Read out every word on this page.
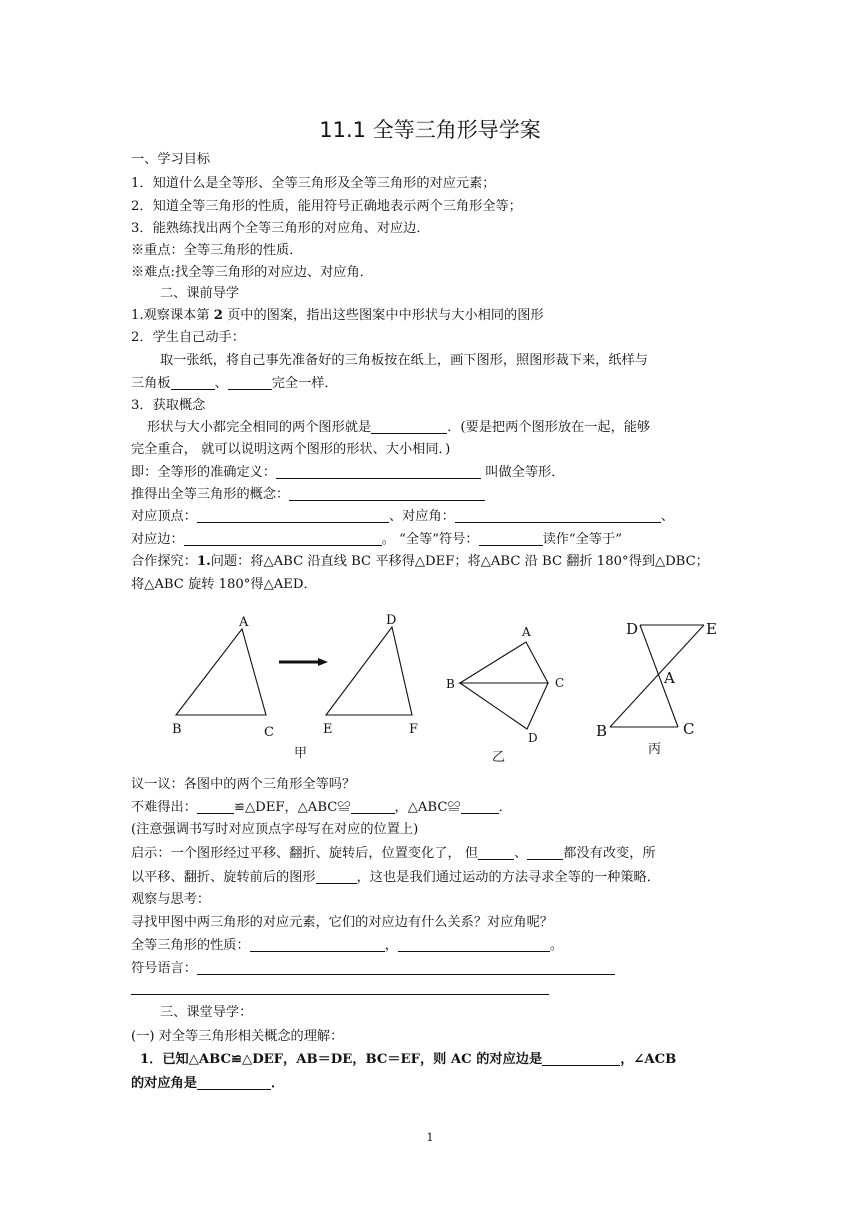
11.1 全等三角形导学案
一、学习目标
1．知道什么是全等形、全等三角形及全等三角形的对应元素；
2．知道全等三角形的性质，能用符号正确地表示两个三角形全等；
3．能熟练找出两个全等三角形的对应角、对应边．
※重点：全等三角形的性质．
※难点:找全等三角形的对应边、对应角．
二、课前导学
1.观察课本第 2 页中的图案，指出这些图案中中形状与大小相同的图形
2．学生自己动手：
取一张纸，将自己事先准备好的三角板按在纸上，画下图形，照图形裁下来，纸样与
三角板	、	完全一样．
3．获取概念
形状与大小都完全相同的两个图形就是	．(要是把两个图形放在一起，能够
完全重合， 就可以说明这两个图形的形状、大小相同．)
即：全等形的准确定义：	叫做全等形．
推得出全等三角形的概念：
对应顶点：	、对应角：	、
对应边：	。 “全等”符号：	读作“全等于”
合作探究：1.问题：将△ABC 沿直线 BC 平移得△DEF；将△ABC 沿 BC 翻折 180°得到△DBC；
将△ABC 旋转 180°得△AED．
A
B	C
D
E	F
A
B	C
D
D	E
A
B	C
甲	乙
丙
议一议：各图中的两个三角形全等吗？
不难得出：	≌△DEF，△ABC≌	，△ABC≌	．
(注意强调书写时对应顶点字母写在对应的位置上)
启示：一个图形经过平移、翻折、旋转后，位置变化了， 但	、	都没有改变，所
以平移、翻折、旋转前后的图形	，这也是我们通过运动的方法寻求全等的一种策略．
观察与思考：
寻找甲图中两三角形的对应元素，它们的对应边有什么关系？对应角呢？
全等三角形的性质：	，	。
符号语言：
三、课堂导学：
(一) 对全等三角形相关概念的理解：
1．已知△ABC≌△DEF，AB＝DE，BC＝EF，则 AC 的对应边是	，∠ACB
的对应角是	．
1
